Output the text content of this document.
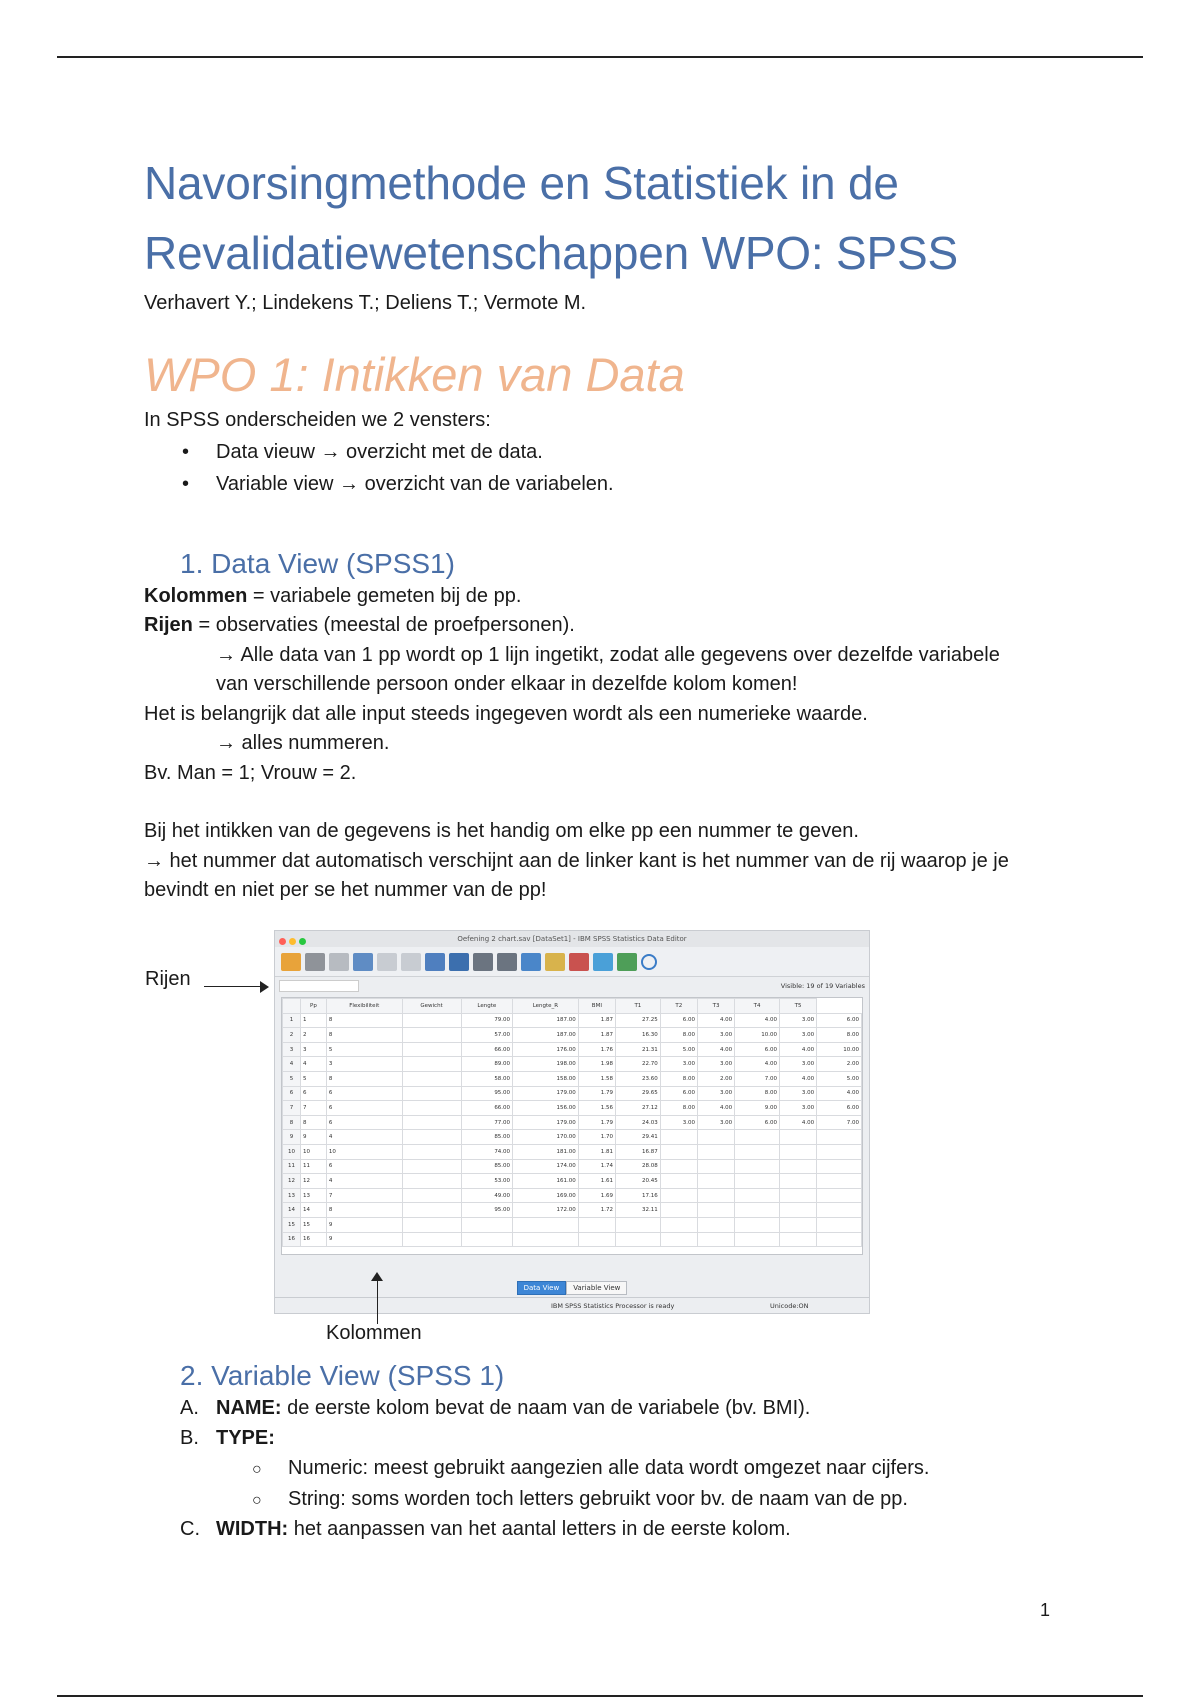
Navorsingmethode en Statistiek in de Revalidatiewetenschappen WPO: SPSS
Verhavert Y.; Lindekens T.; Deliens T.; Vermote M.
WPO 1: Intikken van Data
In SPSS onderscheiden we 2 vensters:
• Data vieuw → overzicht met de data.
• Variable view → overzicht van de variabelen.
1. Data View (SPSS1)
Kolommen = variabele gemeten bij de pp.
Rijen = observaties (meestal de proefpersonen).
→ Alle data van 1 pp wordt op 1 lijn ingetikt, zodat alle gegevens over dezelfde variabele van verschillende persoon onder elkaar in dezelfde kolom komen!
Het is belangrijk dat alle input steeds ingegeven wordt als een numerieke waarde.
→ alles nummeren.
Bv. Man = 1; Vrouw = 2.
Bij het intikken van de gegevens is het handig om elke pp een nummer te geven.
→ het nummer dat automatisch verschijnt aan de linker kant is het nummer van de rij waarop je je bevindt en niet per se het nummer van de pp!
Rijen
Oefening 2 chart.sav [DataSet1] - IBM SPSS Statistics Data Editor
Visible: 19 of 19 Variables
	Pp	Flexibiliteit	Gewicht	Lengte	Lengte_R	BMI	T1	T2	T3	T4	T5	
1	1	8		79.00	187.00	1.87	27.25	6.00	4.00	4.00	3.00	6.00
2	2	8		57.00	187.00	1.87	16.30	8.00	3.00	10.00	3.00	8.00
3	3	5		66.00	176.00	1.76	21.31	5.00	4.00	6.00	4.00	10.00
4	4	3		89.00	198.00	1.98	22.70	3.00	3.00	4.00	3.00	2.00
5	5	8		58.00	158.00	1.58	23.60	8.00	2.00	7.00	4.00	5.00
6	6	6		95.00	179.00	1.79	29.65	6.00	3.00	8.00	3.00	4.00
7	7	6		66.00	156.00	1.56	27.12	8.00	4.00	9.00	3.00	6.00
8	8	6		77.00	179.00	1.79	24.03	3.00	3.00	6.00	4.00	7.00
9	9	4		85.00	170.00	1.70	29.41					
10	10	10		74.00	181.00	1.81	16.87					
11	11	6		85.00	174.00	1.74	28.08					
12	12	4		53.00	161.00	1.61	20.45					
13	13	7		49.00	169.00	1.69	17.16					
14	14	8		95.00	172.00	1.72	32.11					
15	15	9										
16	16	9										
Data View Variable View
IBM SPSS Statistics Processor is ready	Unicode:ON
Kolommen
2. Variable View (SPSS 1)
A. NAME: de eerste kolom bevat de naam van de variabele (bv. BMI).
B. TYPE:
○ Numeric: meest gebruikt aangezien alle data wordt omgezet naar cijfers.
○ String: soms worden toch letters gebruikt voor bv. de naam van de pp.
C. WIDTH: het aanpassen van het aantal letters in de eerste kolom.
1
